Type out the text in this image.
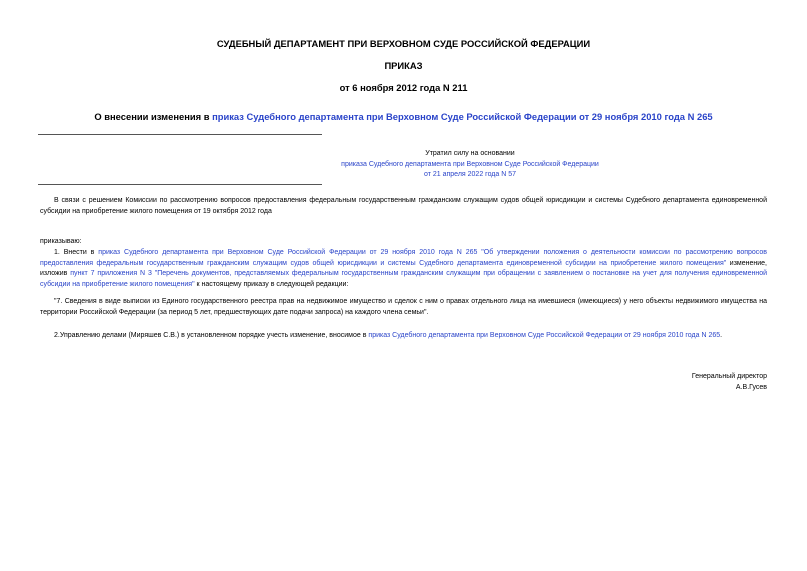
СУДЕБНЫЙ ДЕПАРТАМЕНТ ПРИ ВЕРХОВНОМ СУДЕ РОССИЙСКОЙ ФЕДЕРАЦИИ
ПРИКАЗ
от 6 ноября 2012 года N 211
О внесении изменения в приказ Судебного департамента при Верховном Суде Российской Федерации от 29 ноября 2010 года N 265
Утратил силу на основании
приказа Судебного департамента при Верховном Суде Российской Федерации
от 21 апреля 2022 года N 57
В связи с решением Комиссии по рассмотрению вопросов предоставления федеральным государственным гражданским служащим судов общей юрисдикции и системы Судебного департамента единовременной субсидии на приобретение жилого помещения от 19 октября 2012 года
приказываю:
1. Внести в приказ Судебного департамента при Верховном Суде Российской Федерации от 29 ноября 2010 года N 265 "Об утверждении положения о деятельности комиссии по рассмотрению вопросов предоставления федеральным государственным гражданским служащим судов общей юрисдикции и системы Судебного департамента единовременной субсидии на приобретение жилого помещения" изменение, изложив пункт 7 приложения N 3 "Перечень документов, представляемых федеральным государственным гражданским служащим при обращении с заявлением о постановке на учет для получения единовременной субсидии на приобретение жилого помещения" к настоящему приказу в следующей редакции:
"7. Сведения в виде выписки из Единого государственного реестра прав на недвижимое имущество и сделок с ним о правах отдельного лица на имевшиеся (имеющиеся) у него объекты недвижимого имущества на территории Российской Федерации (за период 5 лет, предшествующих дате подачи запроса) на каждого члена семьи".
2.Управлению делами (Миряшев С.В.) в установленном порядке учесть изменение, вносимое в приказ Судебного департамента при Верховном Суде Российской Федерации от 29 ноября 2010 года N 265.
Генеральный директор
А.В.Гусев
